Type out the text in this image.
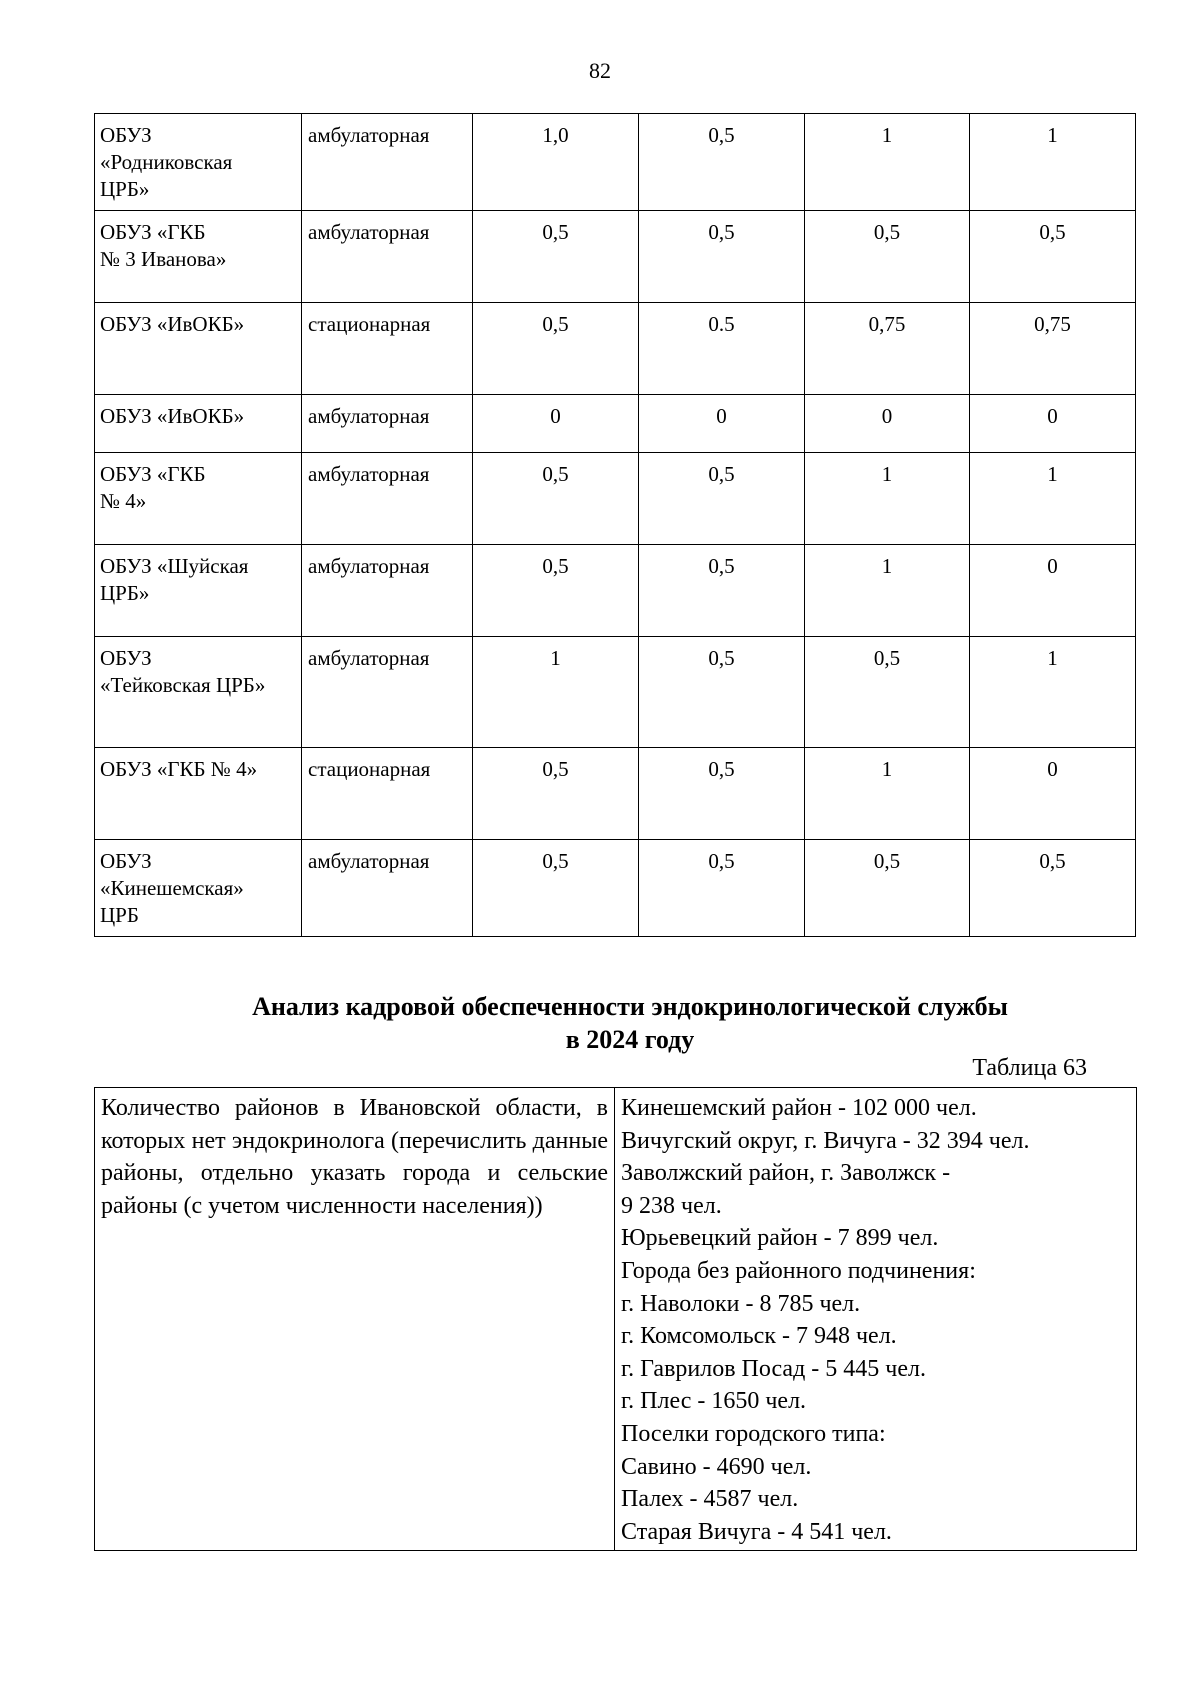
82
ОБУЗ
«Родниковская
ЦРБ»	амбулаторная	1,0	0,5	1	1

ОБУЗ «ГКБ
№ 3 Иванова»	амбулаторная	0,5	0,5	0,5	0,5

ОБУЗ «ИвОКБ»	стационарная	0,5	0.5	0,75	0,75

ОБУЗ «ИвОКБ»	амбулаторная	0	0	0	0

ОБУЗ «ГКБ
№ 4»	амбулаторная	0,5	0,5	1	1

ОБУЗ «Шуйская
ЦРБ»	амбулаторная	0,5	0,5	1	0

ОБУЗ
«Тейковская ЦРБ»	амбулаторная	1	0,5	0,5	1

ОБУЗ «ГКБ № 4»	стационарная	0,5	0,5	1	0

ОБУЗ
«Кинешемская»
ЦРБ	амбулаторная	0,5	0,5	0,5	0,5
Анализ кадровой обеспеченности эндокринологической службы
в 2024 году
Таблица 63
Количество районов в Ивановской области, в которых нет эндокринолога (перечислить данные районы, отдельно указать города и сельские районы (с учетом численности населения))	
Кинешемский район - 102 000 чел.
Вичугский округ, г. Вичуга - 32 394 чел.
Заволжский район, г. Заволжск -
9 238 чел.
Юрьевецкий район - 7 899 чел.
Города без районного подчинения:
г. Наволоки - 8 785 чел.
г. Комсомольск - 7 948 чел.
г. Гаврилов Посад - 5 445 чел.
г. Плес - 1650 чел.
Поселки городского типа:
Савино - 4690 чел.
Палех - 4587 чел.
Старая Вичуга - 4 541 чел.
